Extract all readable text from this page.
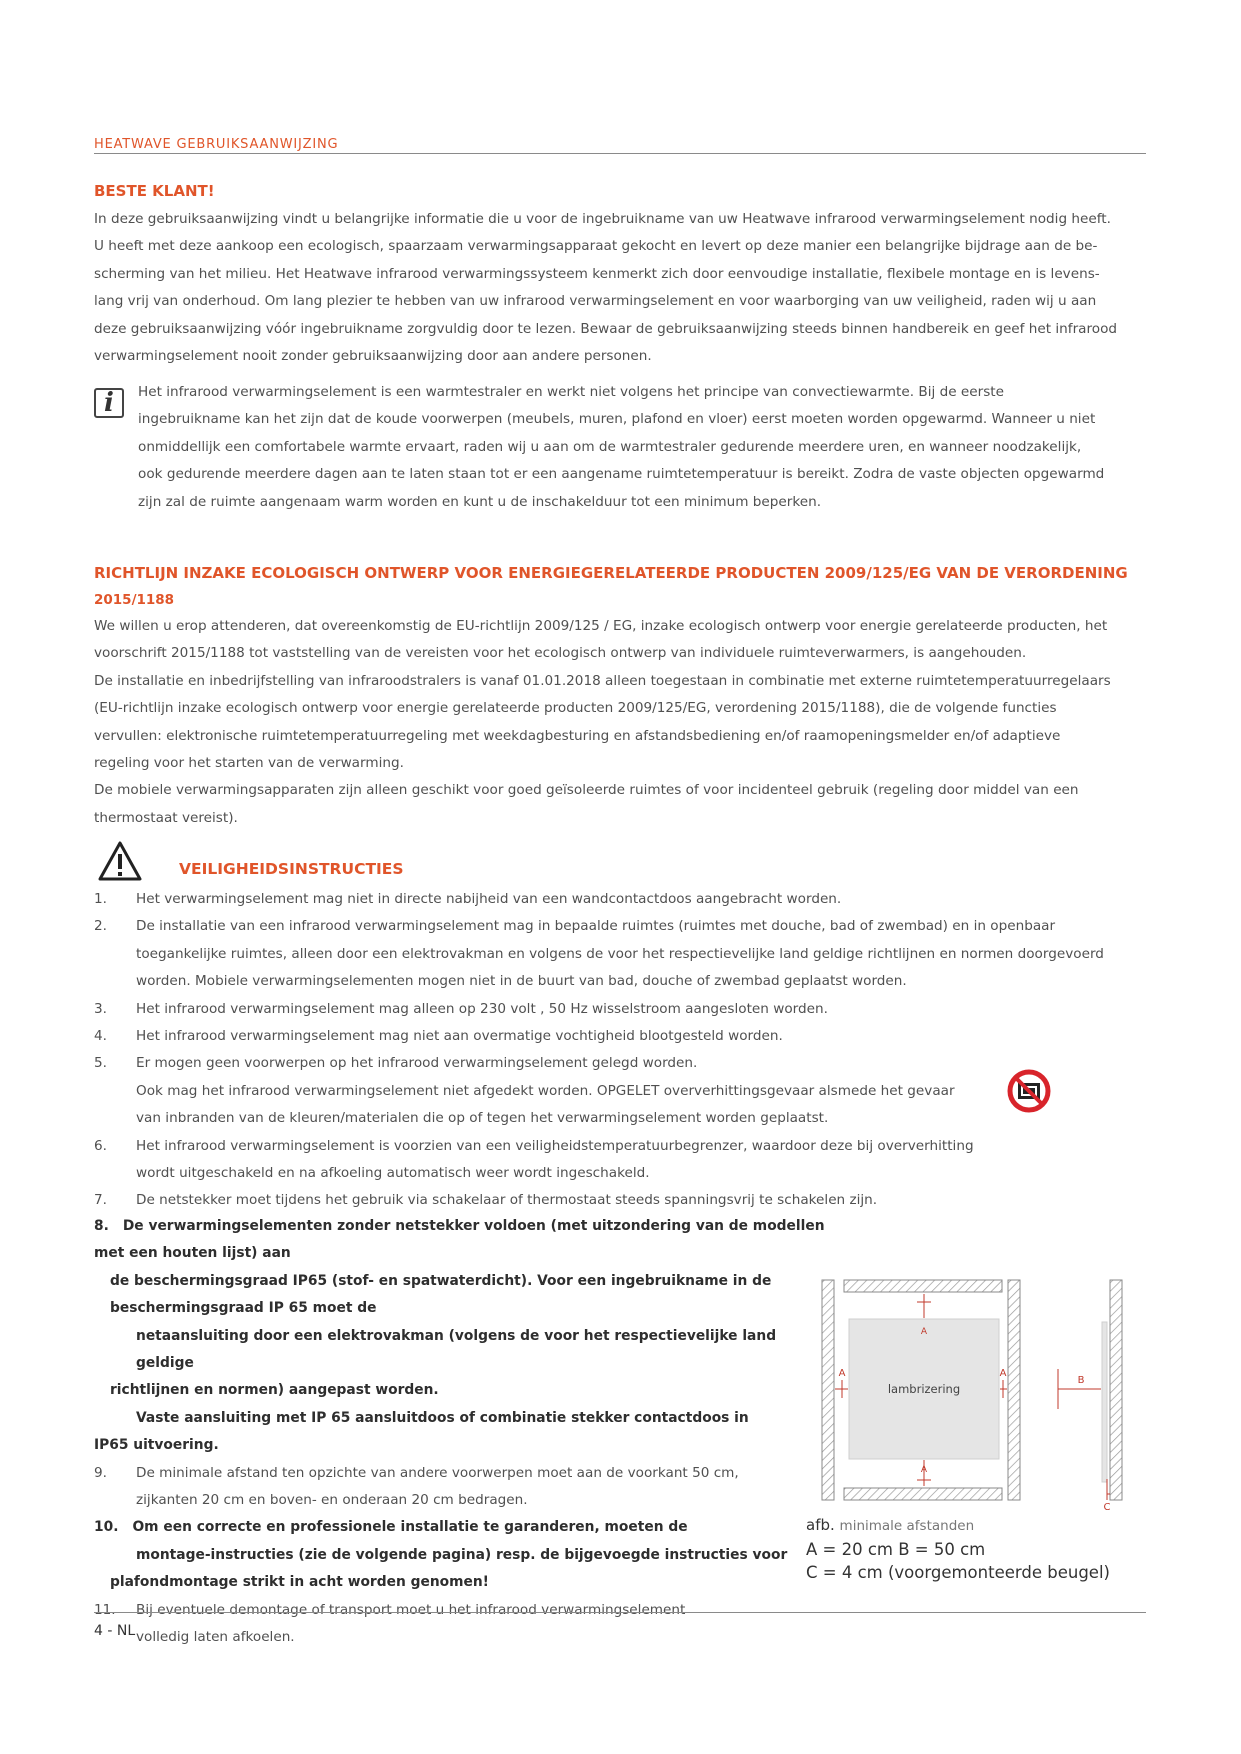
HEATWAVE GEBRUIKSAANWIJZING
BESTE KLANT!
In deze gebruiksaanwijzing vindt u belangrijke informatie die u voor de ingebruikname van uw Heatwave infrarood verwarmingselement nodig heeft.
U heeft met deze aankoop een ecologisch, spaarzaam verwarmingsapparaat gekocht en levert op deze manier een belangrijke bijdrage aan de be-
scherming van het milieu. Het Heatwave infrarood verwarmingssysteem kenmerkt zich door eenvoudige installatie, flexibele montage en is levens-
lang vrij van onderhoud. Om lang plezier te hebben van uw infrarood verwarmingselement en voor waarborging van uw veiligheid, raden wij u aan
deze gebruiksaanwijzing vóór ingebruikname zorgvuldig door te lezen. Bewaar de gebruiksaanwijzing steeds binnen handbereik en geef het infrarood
verwarmingselement nooit zonder gebruiksaanwijzing door aan andere personen.
i Het infrarood verwarmingselement is een warmtestraler en werkt niet volgens het principe van convectiewarmte. Bij de eerste
ingebruikname kan het zijn dat de koude voorwerpen (meubels, muren, plafond en vloer) eerst moeten worden opgewarmd. Wanneer u niet
onmiddellijk een comfortabele warmte ervaart, raden wij u aan om de warmtestraler gedurende meerdere uren, en wanneer noodzakelijk,
ook gedurende meerdere dagen aan te laten staan tot er een aangename ruimtetemperatuur is bereikt. Zodra de vaste objecten opgewarmd
zijn zal de ruimte aangenaam warm worden en kunt u de inschakelduur tot een minimum beperken.
RICHTLIJN INZAKE ECOLOGISCH ONTWERP VOOR ENERGIEGERELATEERDE PRODUCTEN 2009/125/EG VAN DE VERORDENING
2015/1188
We willen u erop attenderen, dat overeenkomstig de EU-richtlijn 2009/125 / EG, inzake ecologisch ontwerp voor energie gerelateerde producten, het
voorschrift 2015/1188 tot vaststelling van de vereisten voor het ecologisch ontwerp van individuele ruimteverwarmers, is aangehouden.
De installatie en inbedrijfstelling van infraroodstralers is vanaf 01.01.2018 alleen toegestaan in combinatie met externe ruimtetemperatuurregelaars
(EU-richtlijn inzake ecologisch ontwerp voor energie gerelateerde producten 2009/125/EG, verordening 2015/1188), die de volgende functies
vervullen: elektronische ruimtetemperatuurregeling met weekdagbesturing en afstandsbediening en/of raamopeningsmelder en/of adaptieve
regeling voor het starten van de verwarming.
De mobiele verwarmingsapparaten zijn alleen geschikt voor goed geïsoleerde ruimtes of voor incidenteel gebruik (regeling door middel van een
thermostaat vereist).
VEILIGHEIDSINSTRUCTIES
1. Het verwarmingselement mag niet in directe nabijheid van een wandcontactdoos aangebracht worden.
2. De installatie van een infrarood verwarmingselement mag in bepaalde ruimtes (ruimtes met douche, bad of zwembad) en in openbaar
toegankelijke ruimtes, alleen door een elektrovakman en volgens de voor het respectievelijke land geldige richtlijnen en normen doorgevoerd
worden. Mobiele verwarmingselementen mogen niet in de buurt van bad, douche of zwembad geplaatst worden.
3. Het infrarood verwarmingselement mag alleen op 230 volt , 50 Hz wisselstroom aangesloten worden.
4. Het infrarood verwarmingselement mag niet aan overmatige vochtigheid blootgesteld worden.
5. Er mogen geen voorwerpen op het infrarood verwarmingselement gelegd worden.
Ook mag het infrarood verwarmingselement niet afgedekt worden. OPGELET oververhittingsgevaar alsmede het gevaar
van inbranden van de kleuren/materialen die op of tegen het verwarmingselement worden geplaatst.
6. Het infrarood verwarmingselement is voorzien van een veiligheidstemperatuurbegrenzer, waardoor deze bij oververhitting
wordt uitgeschakeld en na afkoeling automatisch weer wordt ingeschakeld.
7. De netstekker moet tijdens het gebruik via schakelaar of thermostaat steeds spanningsvrij te schakelen zijn.
8. De verwarmingselementen zonder netstekker voldoen (met uitzondering van de modellen met een houten lijst) aan
de beschermingsgraad IP65 (stof- en spatwaterdicht). Voor een ingebruikname in de beschermingsgraad IP 65 moet de
netaansluiting door een elektrovakman (volgens de voor het respectievelijke land geldige
richtlijnen en normen) aangepast worden.
Vaste aansluiting met IP 65 aansluitdoos of combinatie stekker contactdoos in
IP65 uitvoering.
9. De minimale afstand ten opzichte van andere voorwerpen moet aan de voorkant 50 cm,
zijkanten 20 cm en boven- en onderaan 20 cm bedragen.
10. Om een correcte en professionele installatie te garanderen, moeten de
montage-instructies (zie de volgende pagina) resp. de bijgevoegde instructies voor
plafondmontage strikt in acht worden genomen!
11. Bij eventuele demontage of transport moet u het infrarood verwarmingselement
volledig laten afkoelen.
A
A
A	A
B
C
lambrizering
afb. minimale afstanden
A = 20 cm B = 50 cm
C = 4 cm (voorgemonteerde beugel)
4 - NL
